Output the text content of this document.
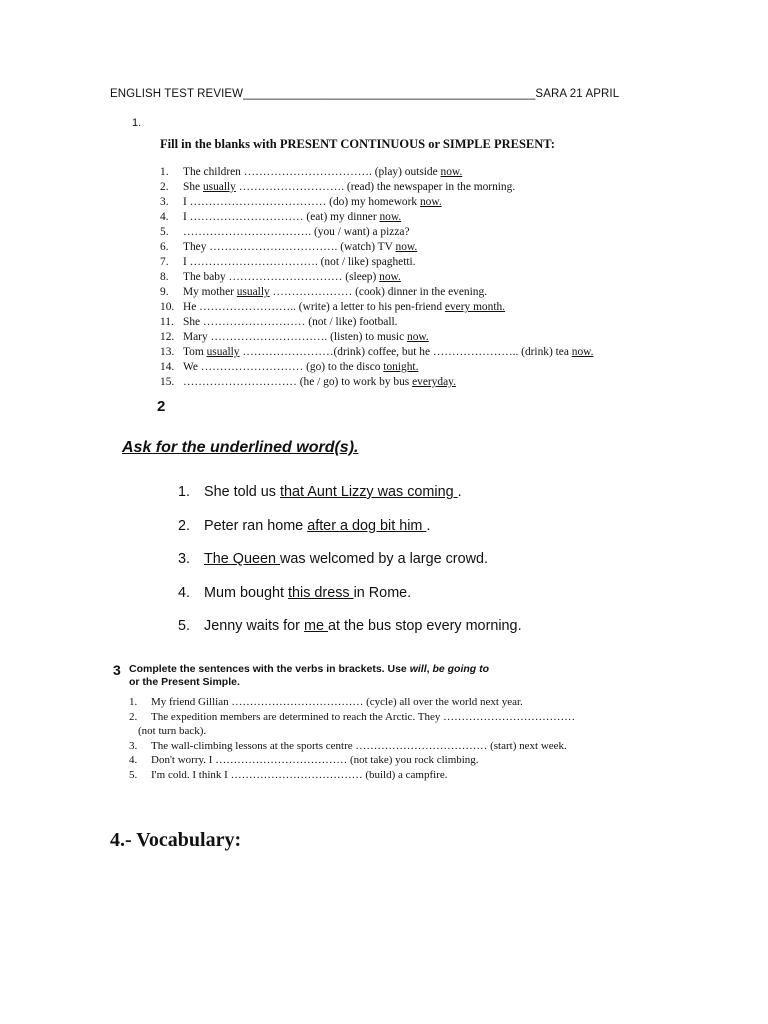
ENGLISH TEST REVIEW_____________________________________________SARA 21 APRIL
1.
Fill in the blanks with PRESENT CONTINUOUS or SIMPLE PRESENT:
1.	The children ……………………………. (play) outside now.
2.	She usually ………………………. (read) the newspaper in the morning.
3.	I ……………………………… (do) my homework now.
4.	I ………………………… (eat) my dinner now.
5.	……………………………. (you / want) a pizza?
6.	They ……………………………. (watch) TV now.
7.	I ……………………………. (not / like) spaghetti.
8.	The baby ………………………… (sleep) now.
9.	My mother usually ………………… (cook) dinner in the evening.
10. He …………………….. (write) a letter to his pen-friend every month.
11. She ……………………… (not / like) football.
12. Mary …………………………. (listen) to music now.
13. Tom usually ……………………(drink) coffee, but he ………………….. (drink) tea now.
14. We ……………………… (go) to the disco tonight.
15. ………………………… (he / go) to work by bus everyday.
2
Ask for the underlined word(s).
1. She told us that Aunt Lizzy was coming .
2. Peter ran home after a dog bit him .
3. The Queen was welcomed by a large crowd.
4. Mum bought this dress in Rome.
5. Jenny waits for me at the bus stop every morning.
3 Complete the sentences with the verbs in brackets. Use will, be going to
or the Present Simple.
1.	My friend Gillian ……………………………… (cycle) all over the world next year.
2.	The expedition members are determined to reach the Arctic. They ………………………………
(not turn back).
3.	The wall-climbing lessons at the sports centre ……………………………… (start) next week.
4.	Don't worry. I ……………………………… (not take) you rock climbing.
5.	I'm cold. I think I ……………………………… (build) a campfire.
4.- Vocabulary:
